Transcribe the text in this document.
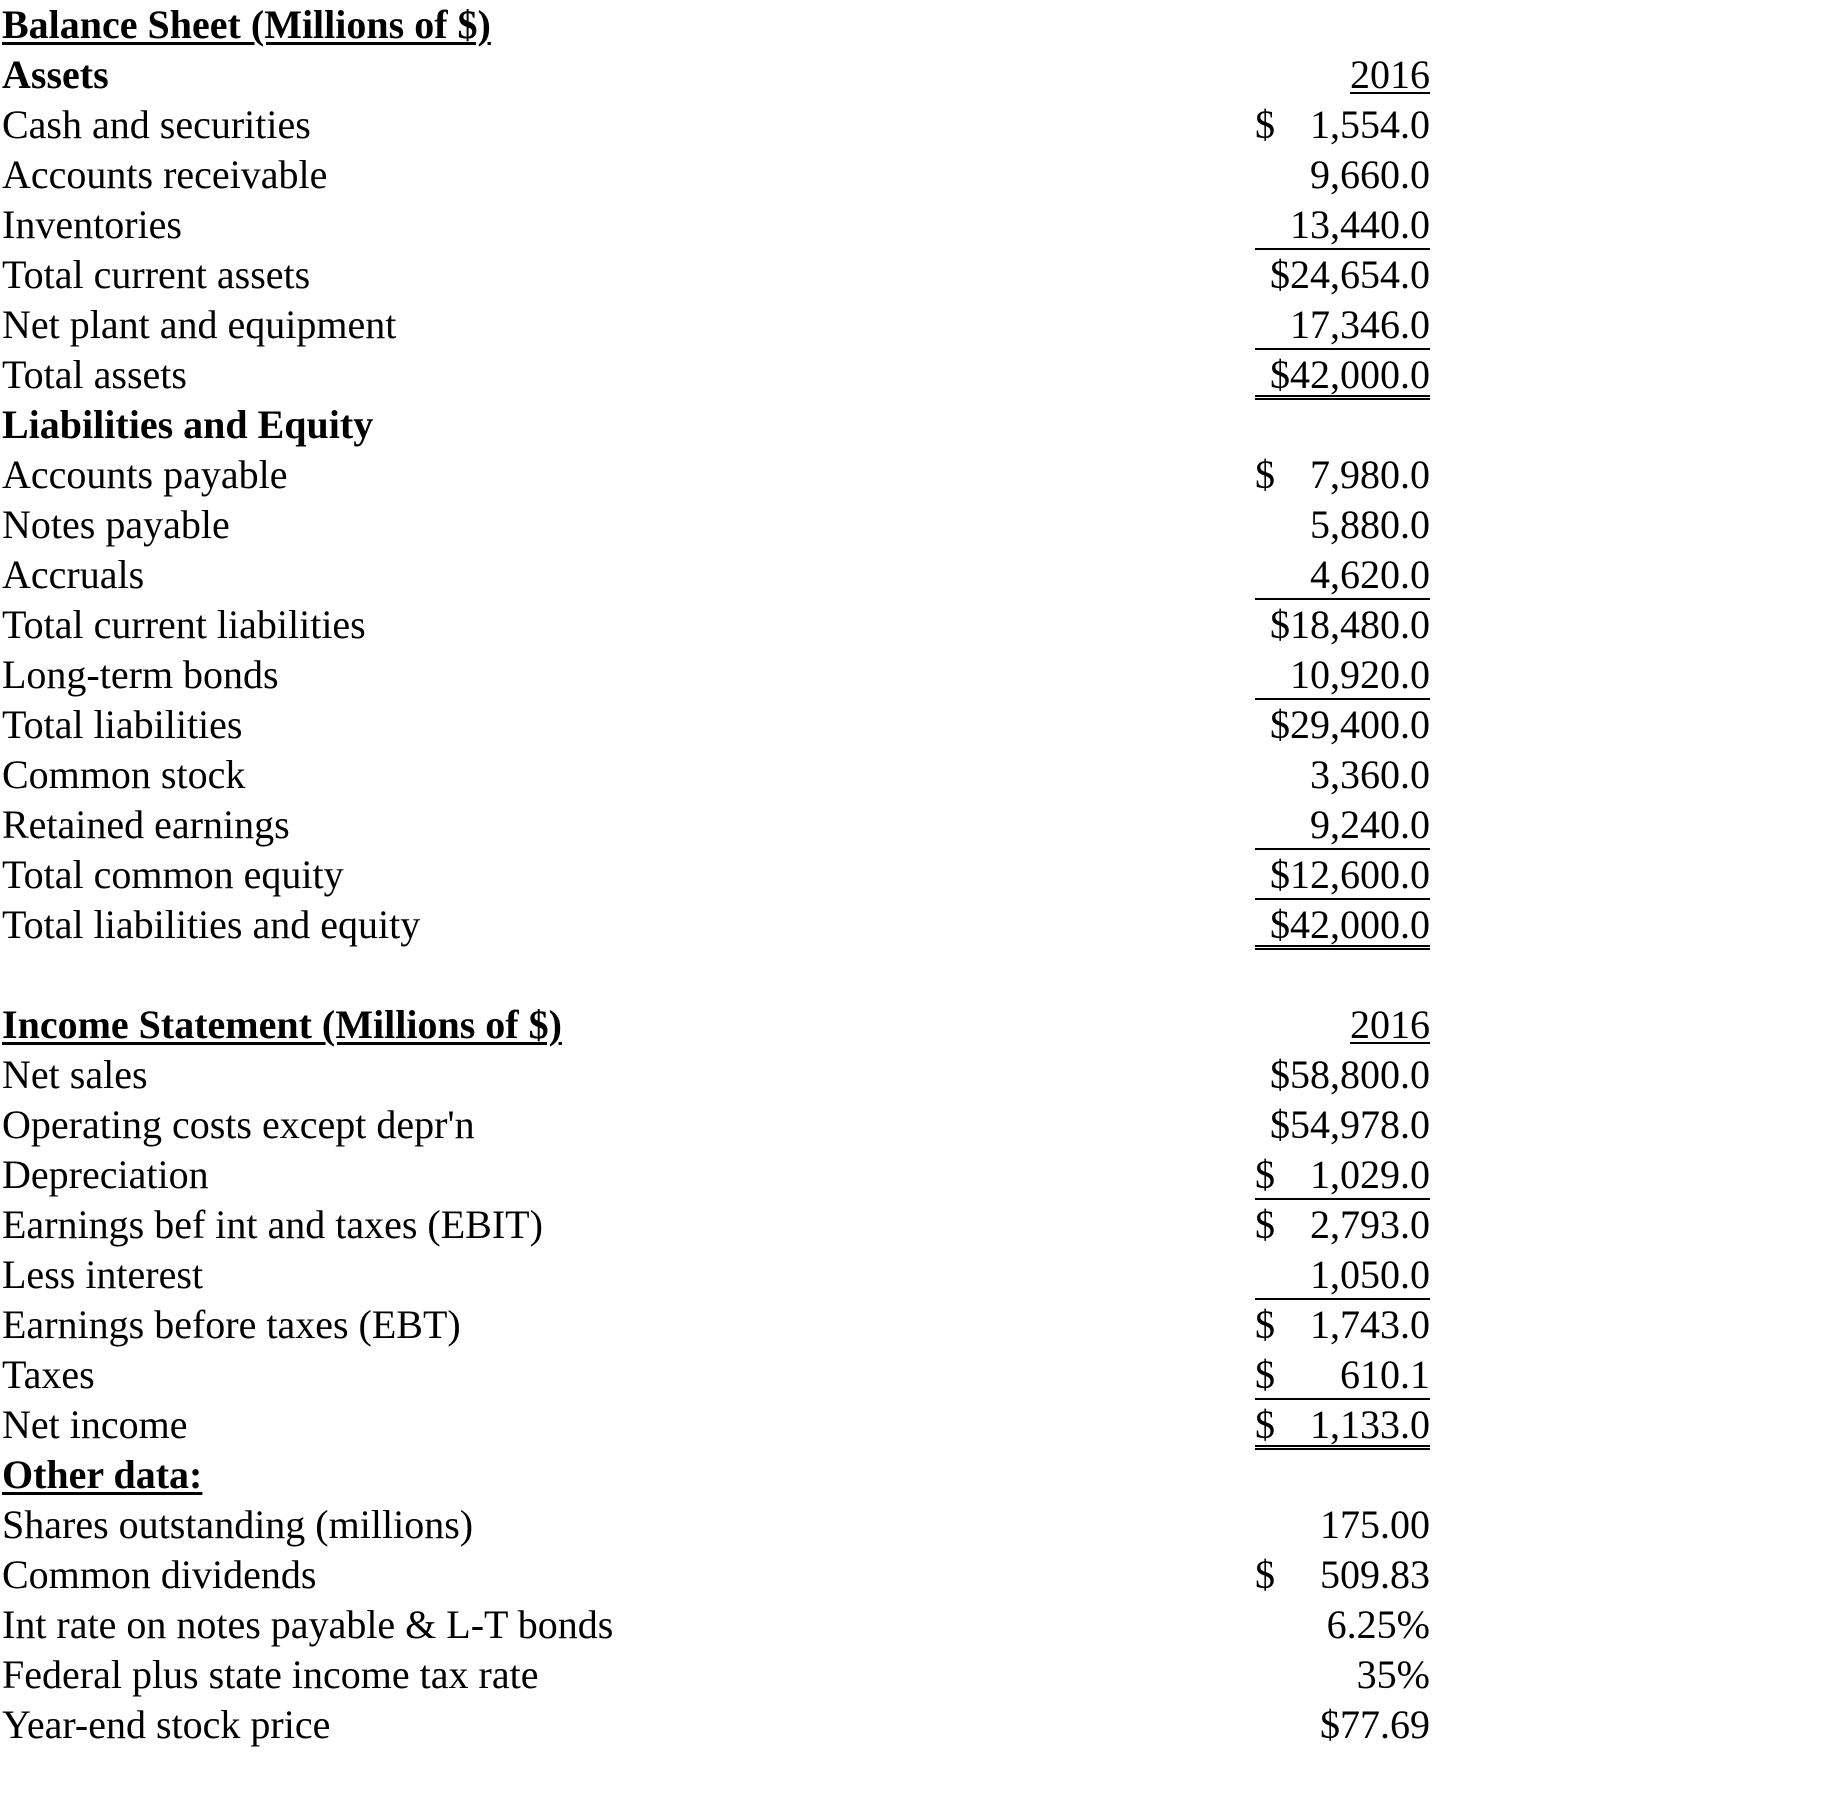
Balance Sheet (Millions of $)
Assets	2016
Cash and securities	$ 1,554.0
Accounts receivable	9,660.0
Inventories	13,440.0
Total current assets	$24,654.0
Net plant and equipment	17,346.0
Total assets	$42,000.0
Liabilities and Equity
Accounts payable	$ 7,980.0
Notes payable	5,880.0
Accruals	4,620.0
Total current liabilities	$18,480.0
Long-term bonds	10,920.0
Total liabilities	$29,400.0
Common stock	3,360.0
Retained earnings	9,240.0
Total common equity	$12,600.0
Total liabilities and equity	$42,000.0
Income Statement (Millions of $)	2016
Net sales	$58,800.0
Operating costs except depr'n	$54,978.0
Depreciation	$ 1,029.0
Earnings bef int and taxes (EBIT)	$ 2,793.0
Less interest	1,050.0
Earnings before taxes (EBT)	$ 1,743.0
Taxes	$ 610.1
Net income	$ 1,133.0
Other data:
Shares outstanding (millions)	175.00
Common dividends	$ 509.83
Int rate on notes payable & L-T bonds	6.25%
Federal plus state income tax rate	35%
Year-end stock price	$77.69
